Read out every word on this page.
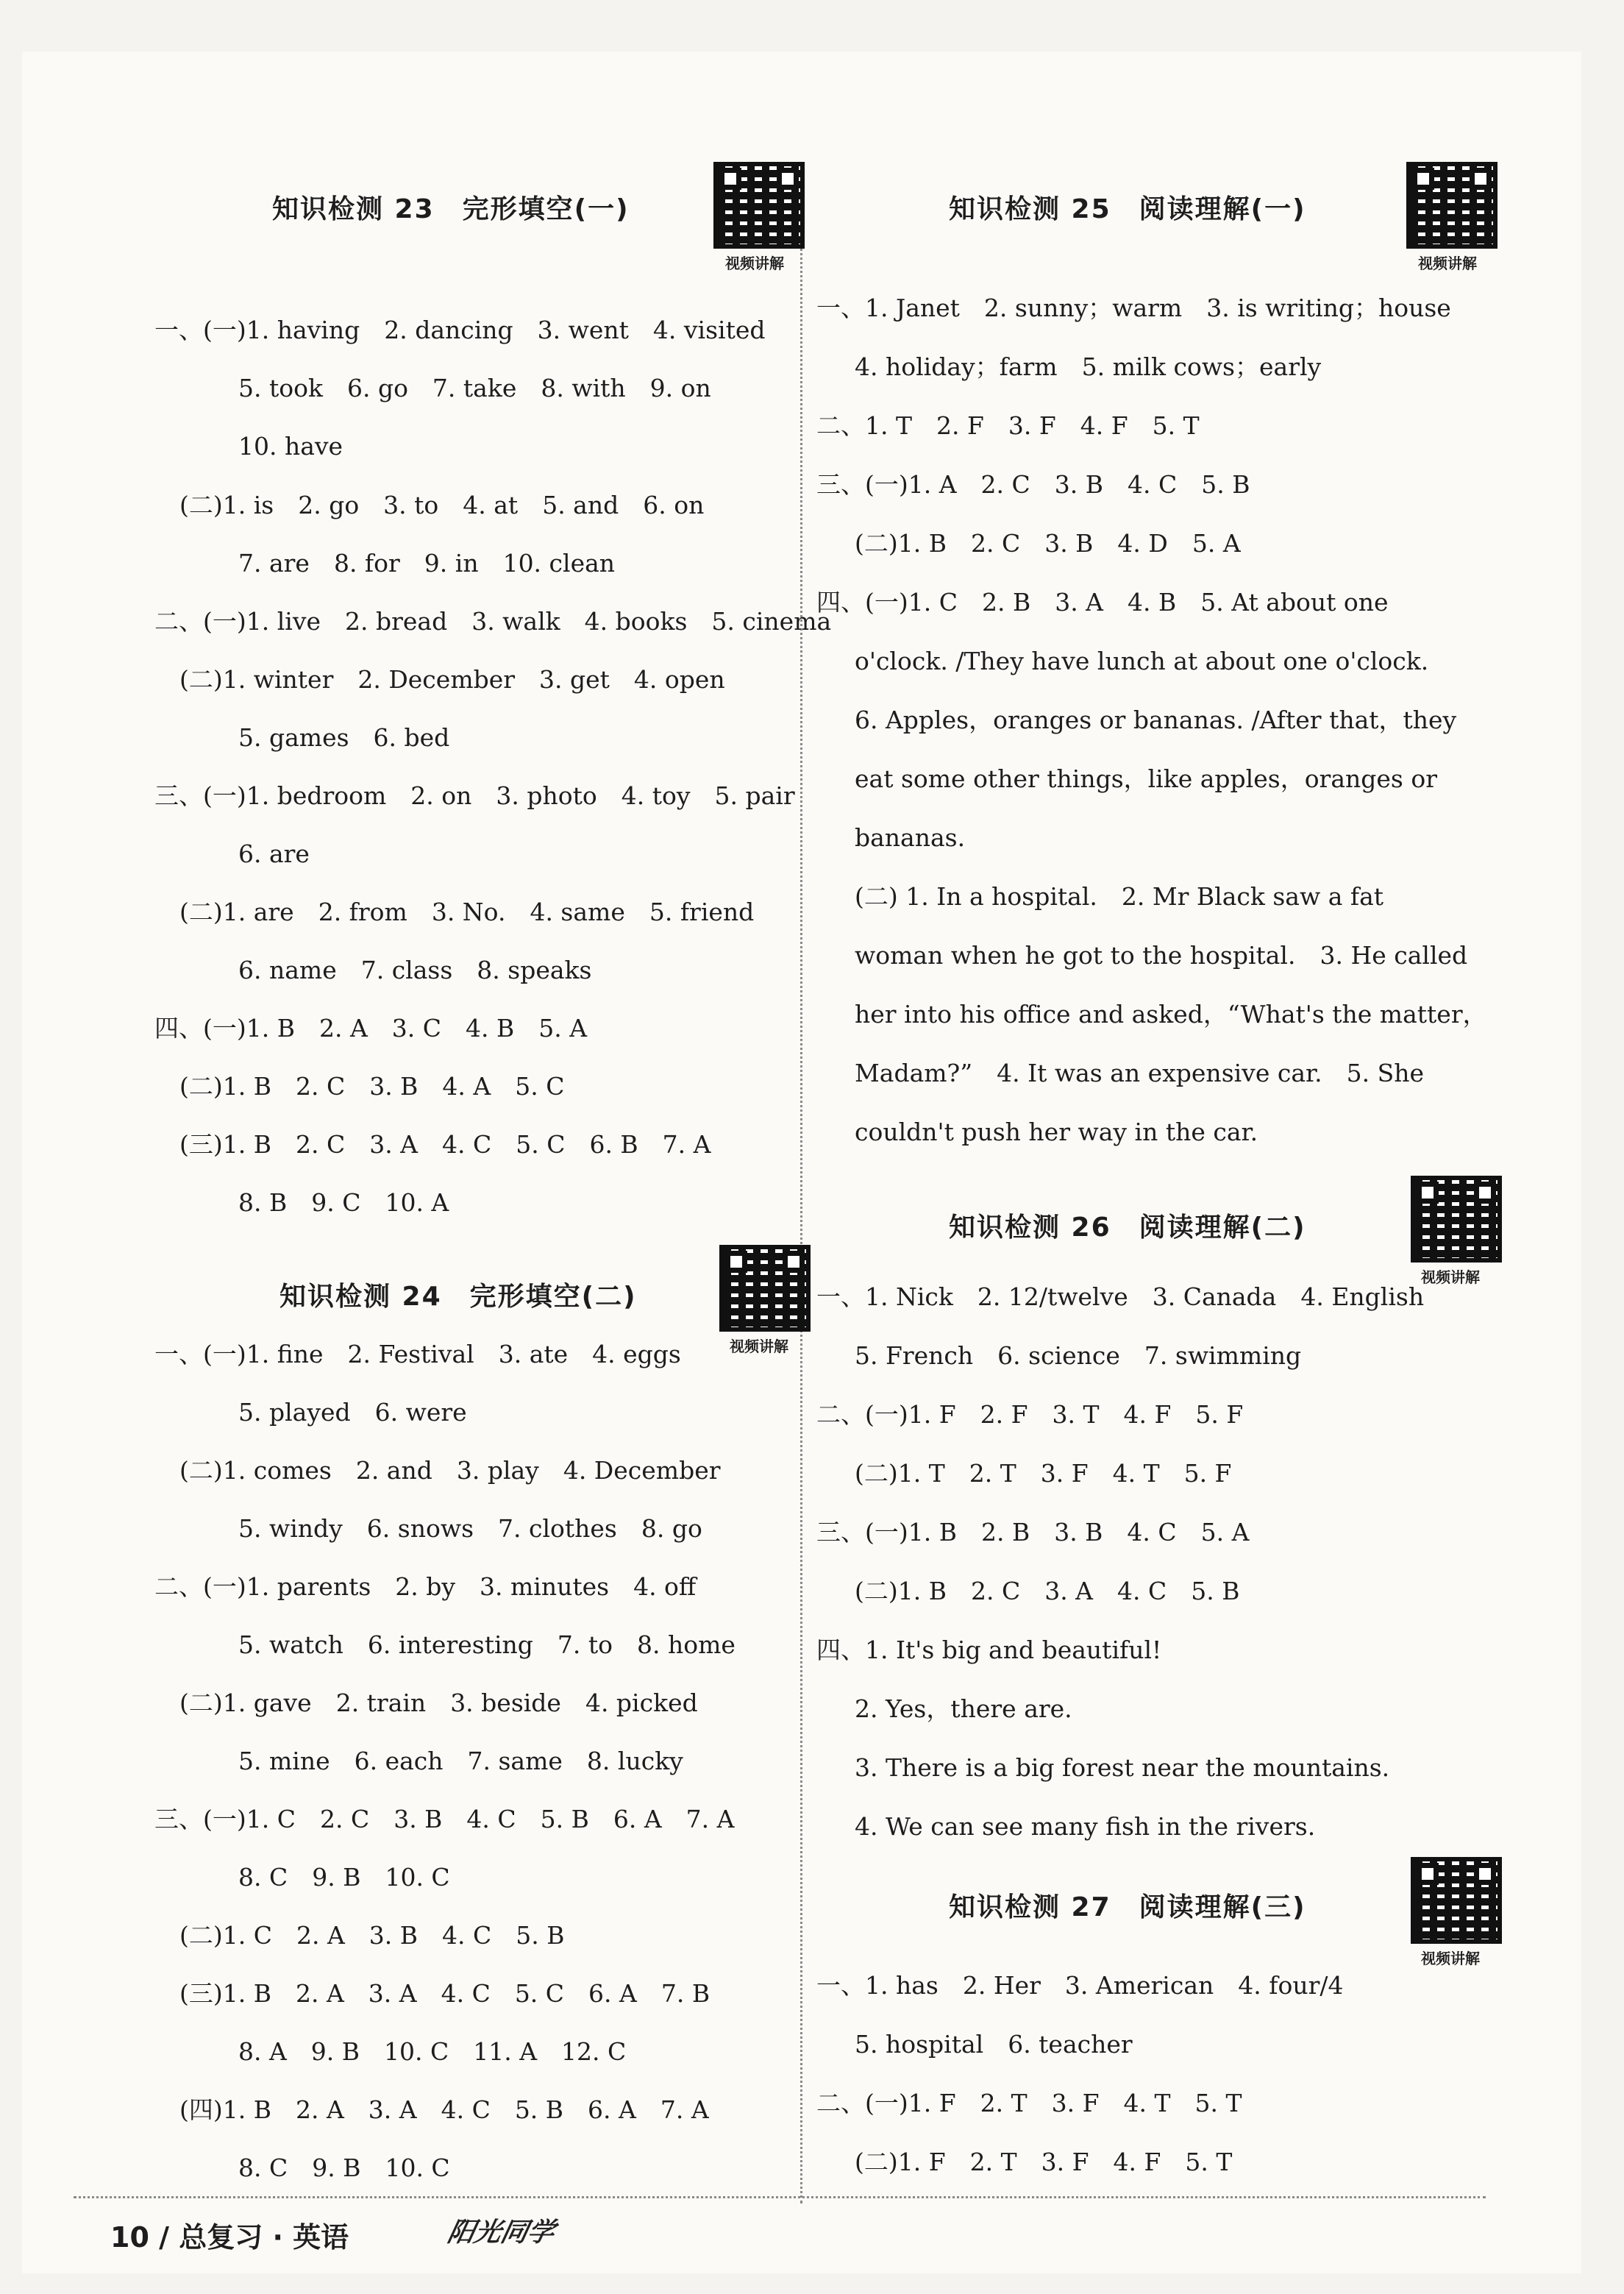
知识检测 23　完形填空(一)
视频讲解
一、(一)1. having　2. dancing　3. went　4. visited
5. took　6. go　7. take　8. with　9. on
10. have
(二)1. is　2. go　3. to　4. at　5. and　6. on
7. are　8. for　9. in　10. clean
二、(一)1. live　2. bread　3. walk　4. books　5. cinema
(二)1. winter　2. December　3. get　4. open
5. games　6. bed
三、(一)1. bedroom　2. on　3. photo　4. toy　5. pair
6. are
(二)1. are　2. from　3. No.　4. same　5. friend
6. name　7. class　8. speaks
四、(一)1. B　2. A　3. C　4. B　5. A
(二)1. B　2. C　3. B　4. A　5. C
(三)1. B　2. C　3. A　4. C　5. C　6. B　7. A
8. B　9. C　10. A
知识检测 24　完形填空(二)
视频讲解
一、(一)1. fine　2. Festival　3. ate　4. eggs
5. played　6. were
(二)1. comes　2. and　3. play　4. December
5. windy　6. snows　7. clothes　8. go
二、(一)1. parents　2. by　3. minutes　4. off
5. watch　6. interesting　7. to　8. home
(二)1. gave　2. train　3. beside　4. picked
5. mine　6. each　7. same　8. lucky
三、(一)1. C　2. C　3. B　4. C　5. B　6. A　7. A
8. C　9. B　10. C
(二)1. C　2. A　3. B　4. C　5. B
(三)1. B　2. A　3. A　4. C　5. C　6. A　7. B
8. A　9. B　10. C　11. A　12. C
(四)1. B　2. A　3. A　4. C　5. B　6. A　7. A
8. C　9. B　10. C
知识检测 25　阅读理解(一)
视频讲解
一、1. Janet　2. sunny；warm　3. is writing；house
4. holiday；farm　5. milk cows；early
二、1. T　2. F　3. F　4. F　5. T
三、(一)1. A　2. C　3. B　4. C　5. B
(二)1. B　2. C　3. B　4. D　5. A
四、(一)1. C　2. B　3. A　4. B　5. At about one
o'clock. /They have lunch at about one o'clock.
6. Apples，oranges or bananas. /After that，they
eat some other things，like apples，oranges or
bananas.
(二) 1. In a hospital.　2. Mr Black saw a fat
woman when he got to the hospital.　3. He called
her into his office and asked，“What's the matter，
Madam?”　4. It was an expensive car.　5. She
couldn't push her way in the car.
知识检测 26　阅读理解(二)
视频讲解
一、1. Nick　2. 12/twelve　3. Canada　4. English
5. French　6. science　7. swimming
二、(一)1. F　2. F　3. T　4. F　5. F
(二)1. T　2. T　3. F　4. T　5. F
三、(一)1. B　2. B　3. B　4. C　5. A
(二)1. B　2. C　3. A　4. C　5. B
四、1. It's big and beautiful!
2. Yes，there are.
3. There is a big forest near the mountains.
4. We can see many fish in the rivers.
知识检测 27　阅读理解(三)
视频讲解
一、1. has　2. Her　3. American　4. four/4
5. hospital　6. teacher
二、(一)1. F　2. T　3. F　4. T　5. T
(二)1. F　2. T　3. F　4. F　5. T
10 / 总复习 · 英语	阳光同学
